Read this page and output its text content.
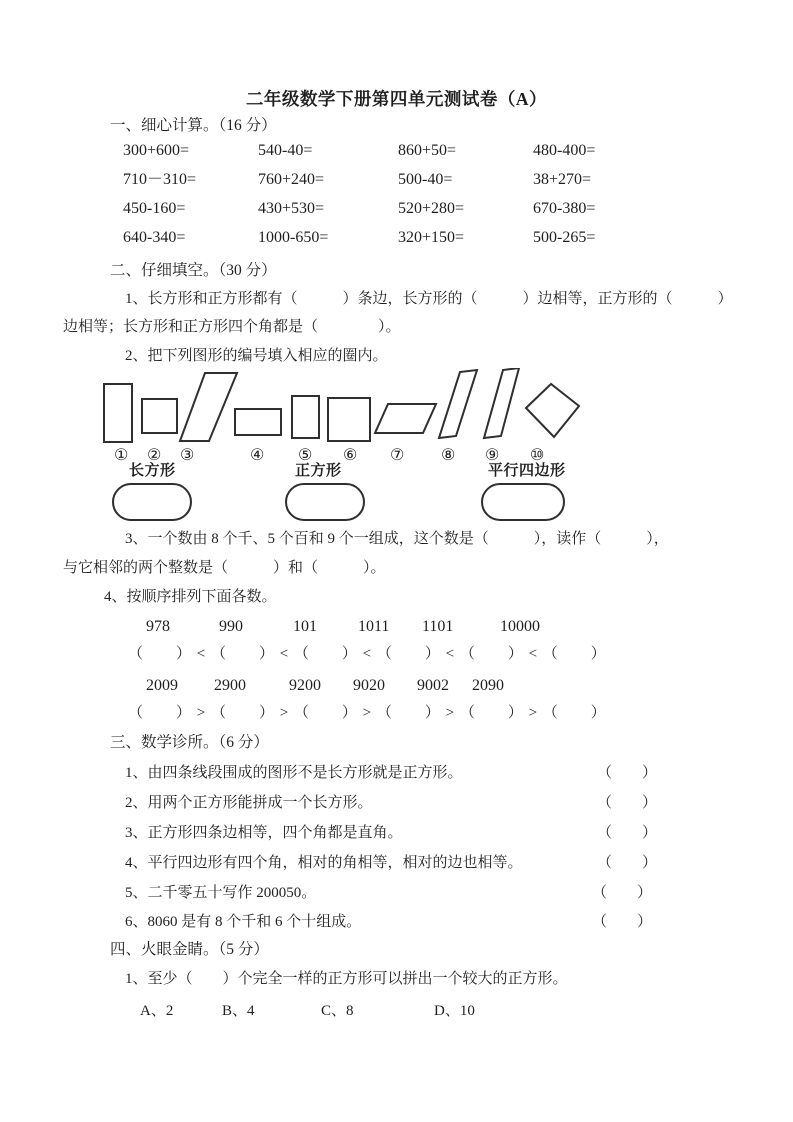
二年级数学下册第四单元测试卷（A）
一、细心计算。（16 分）
300+600=	540-40=	860+50=	480-400=
710－310=	760+240=	500-40=	38+270=
450-160=	430+530=	520+280=	670-380=
640-340=	1000-650=	320+150=	500-265=
二、仔细填空。（30 分）
1、长方形和正方形都有（　　　）条边，长方形的（　　　）边相等，正方形的（　　　）
边相等；长方形和正方形四个角都是（　　　　）。
2、把下列图形的编号填入相应的圈内。
① ② ③	④ ⑤ ⑥ ⑦ ⑧ ⑨ ⑩
长方形	正方形	平行四边形
3、一个数由 8 个千、5 个百和 9 个一组成，这个数是（　　　），读作（　　　），
与它相邻的两个整数是（　　　）和（　　　）。
4、按顺序排列下面各数。
978	990	101	1011 1101	10000
（　　） < （　　） < （　　） < （　　） < （　　） < （　　）
2009 2900	9200 9020 9002 2090
（　　） > （　　） > （　　） > （　　） > （　　） > （　　）
三、数学诊所。（6 分）
1、由四条线段围成的图形不是长方形就是正方形。	（　　）
2、用两个正方形能拼成一个长方形。	（　　）
3、正方形四条边相等，四个角都是直角。	（　　）
4、平行四边形有四个角，相对的角相等，相对的边也相等。	（　　）
5、二千零五十写作 200050。	（　　）
6、8060 是有 8 个千和 6 个十组成。	（　　）
四、火眼金睛。（5 分）
1、至少（　　）个完全一样的正方形可以拼出一个较大的正方形。
A、2	B、4	C、8	D、10
